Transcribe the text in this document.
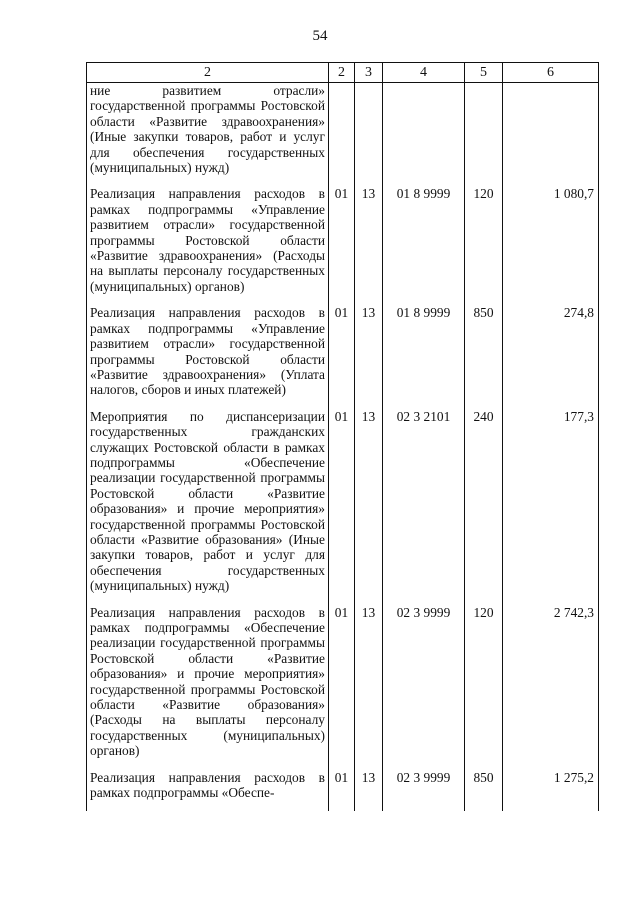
54
2	2	3	4	5	6
ние развитием отрасли» государственной программы Ростовской области «Развитие здравоохранения» (Иные закупки товаров, работ и услуг для обеспечения государственных (муниципальных) нужд)					
Реализация направления расходов в рамках подпрограммы «Управление развитием отрасли» государственной программы Ростовской области «Развитие здравоохранения» (Расходы на выплаты персоналу государственных (муниципальных) органов)	01	13	01 8 9999	120	1 080,7
Реализация направления расходов в рамках подпрограммы «Управление развитием отрасли» государственной программы Ростовской области «Развитие здравоохранения» (Уплата налогов, сборов и иных платежей)	01	13	01 8 9999	850	274,8
Мероприятия по диспансеризации государственных гражданских служащих Ростовской области в рамках подпрограммы «Обеспечение реализации государственной программы Ростовской области «Развитие образования» и прочие мероприятия» государственной программы Ростовской области «Развитие образования» (Иные закупки товаров, работ и услуг для обеспечения государственных (муниципальных) нужд)	01	13	02 3 2101	240	177,3
Реализация направления расходов в рамках подпрограммы «Обеспечение реализации государственной программы Ростовской области «Развитие образования» и прочие мероприятия» государственной программы Ростовской области «Развитие образования» (Расходы на выплаты персоналу государственных (муниципальных) органов)	01	13	02 3 9999	120	2 742,3
Реализация направления расходов в рамках подпрограммы «Обеспе-	01	13	02 3 9999	850	1 275,2
